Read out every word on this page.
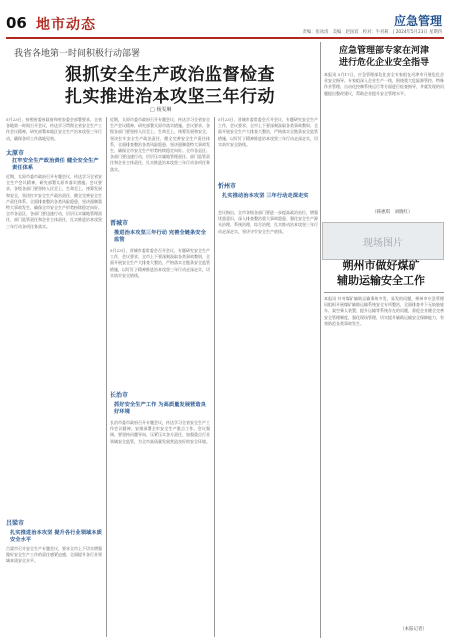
06 地市动态	应急管理
责编：张冰清　美编：赵国宸　校对：牛君莉　| 2024年5月23日 星期四
我省各地第一时间积极行动部署
狠抓安全生产政治监督检查
扎实推进治本攻坚三年行动
□ 杨雯琳
5月23日，按照省委省政府和省安委会部署要求，全省各地第一时间召开会议，传达学习贯彻全省安全生产工作会议精神，研究部署本地区安全生产治本攻坚三年行动，确保各项工作落地见效。
太原市
扛牢安全生产政治责任 健全安全生产责任体系
近期，太原市委市政府召开专题会议，传达学习全省安全生产会议精神，研究部署太原市落实措施。会议要求，各级各部门要坚持人民至上、生命至上，统筹发展和安全，坚决扛牢安全生产政治责任，健全完善安全生产责任体系，全面排查整治各类风险隐患，坚决遏制重特大事故发生，确保全市安全生产形势持续稳定向好。全市各县区、各部门要迅速行动，层层压实属地管理责任、部门监管责任和企业主体责任，扎实推进治本攻坚三年行动各项任务落实。
吕梁市
扎实推进治本攻坚 提升各行业领域本质安全水平
吕梁市召开安全生产专题会议，要求全市上下切实增强做好安全生产工作的责任感紧迫感，全面提升各行业领域本质安全水平。
晋城市
推进治本攻坚三年行动 完善全链条安全监管
近期，太原市委市政府召开专题会议，传达学习全省安全生产会议精神，研究部署太原市落实措施。会议要求，各级各部门要坚持人民至上、生命至上，统筹发展和安全，坚决扛牢安全生产政治责任，健全完善安全生产责任体系，全面排查整治各类风险隐患，坚决遏制重特大事故发生，确保全市安全生产形势持续稳定向好。全市各县区、各部门要迅速行动，层层压实属地管理责任、部门监管责任和企业主体责任，扎实推进治本攻坚三年行动各项任务落实。
5月23日，晋城市委常委会召开会议，专题研究安全生产工作，会议要求，全市上下要深刻汲取各类事故教训，全面开展安全生产大排查大整治，严格落实全链条安全监管措施，以钉钉子精神推进治本攻坚三年行动走深走实，切实筑牢安全防线。
长治市
抓好安全生产工作 为高质量发展营造良好环境
长治市委市政府召开专题会议，传达学习全省安全生产工作会议精神，安排部署全市安全生产重点工作。会议强调，要坚持问题导向，压紧压实各方责任，加强重点行业领域安全监管，为全市高质量发展营造良好的安全环境。
5月23日，晋城市委常委会召开会议，专题研究安全生产工作，会议要求，全市上下要深刻汲取各类事故教训，全面开展安全生产大排查大整治，严格落实全链条安全监管措施，以钉钉子精神推进治本攻坚三年行动走深走实，切实筑牢安全防线。
忻州市
扎实推动治本攻坚 三年行动走深走实
会议指出，全市各级各部门要进一步提高政治站位，增强忧患意识，深入排查整治重大事故隐患，强化安全生产源头治理、系统治理、综合治理，扎实推动治本攻坚三年行动走深走实，坚决守牢安全生产底线。
应急管理部专家在河津
进行危化企业安全指导
本报讯 5月17日，应急管理部危化安全专家组在河津市开展危化企业安全指导。专家组深入企业生产一线，围绕重大危险源管控、特殊作业管理、自动化控制系统运行等方面进行检查指导，并就发现的问题提出整改建议，帮助企业提升安全管理水平。
（韩惠琪　刘晓红）
现场图片
朔州市做好煤矿
辅助运输安全工作
本报讯 针对煤矿辅助运输事故多发、易发的问题，朔州市应急管理局组织开展煤矿辅助运输系统安全专项整治，全面排查井下无轨胶轮车、架空乘人装置、提升运输等系统存在的问题，督促企业健全完善安全管理制度，强化现场管理，切实提升辅助运输安全保障能力，有效防范各类事故发生。
（本报记者）
